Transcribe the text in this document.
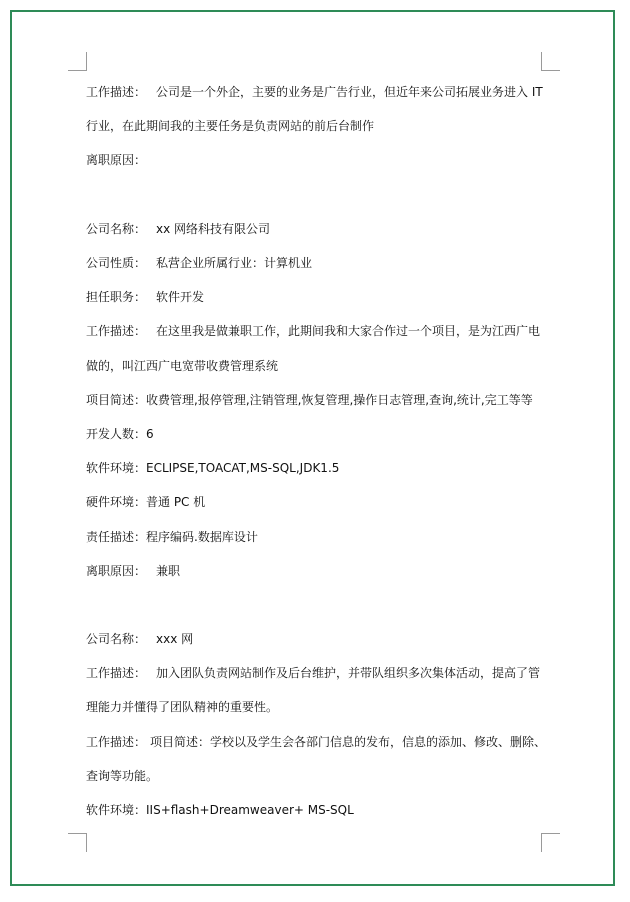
工作描述： 公司是一个外企，主要的业务是广告行业，但近年来公司拓展业务进入 IT
行业，在此期间我的主要任务是负责网站的前后台制作
离职原因：
公司名称： xx 网络科技有限公司
公司性质： 私营企业所属行业：计算机业
担任职务： 软件开发
工作描述： 在这里我是做兼职工作，此期间我和大家合作过一个项目，是为江西广电
做的，叫江西广电宽带收费管理系统
项目简述：收费管理,报停管理,注销管理,恢复管理,操作日志管理,查询,统计,完工等等
开发人数：6
软件环境：ECLIPSE,TOACAT,MS-SQL,JDK1.5
硬件环境：普通 PC 机
责任描述：程序编码.数据库设计
离职原因： 兼职
公司名称： xxx 网
工作描述： 加入团队负责网站制作及后台维护，并带队组织多次集体活动，提高了管
理能力并懂得了团队精神的重要性。
工作描述： 项目简述：学校以及学生会各部门信息的发布，信息的添加、修改、删除、
查询等功能。
软件环境：IIS+flash+Dreamweaver+ MS-SQL
